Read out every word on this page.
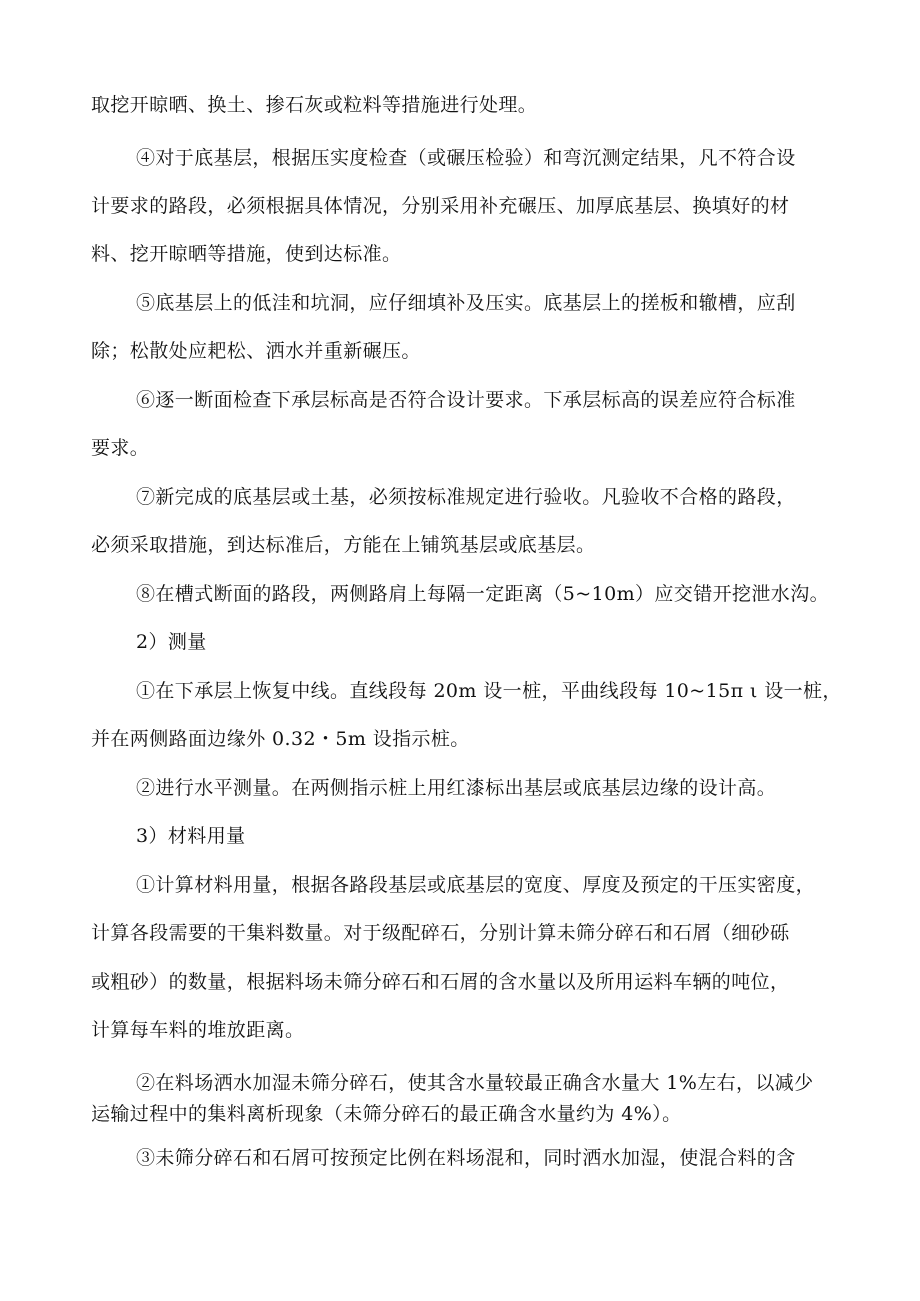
取挖开晾晒、换土、掺石灰或粒料等措施进行处理。
④对于底基层，根据压实度检查（或碾压检验）和弯沉测定结果，凡不符合设
计要求的路段，必须根据具体情况，分别采用补充碾压、加厚底基层、换填好的材
料、挖开晾晒等措施，使到达标准。
⑤底基层上的低洼和坑洞，应仔细填补及压实。底基层上的搓板和辙槽，应刮
除；松散处应耙松、洒水并重新碾压。
⑥逐一断面检查下承层标高是否符合设计要求。下承层标高的误差应符合标准
要求。
⑦新完成的底基层或土基，必须按标准规定进行验收。凡验收不合格的路段，
必须采取措施，到达标准后，方能在上铺筑基层或底基层。
⑧在槽式断面的路段，两侧路肩上每隔一定距离（5~10m）应交错开挖泄水沟。
2）测量
①在下承层上恢复中线。直线段每 20m 设一桩，平曲线段每 10~15π ι 设一桩，
并在两侧路面边缘外 0.32・5m 设指示桩。
②进行水平测量。在两侧指示桩上用红漆标出基层或底基层边缘的设计高。
3）材料用量
①计算材料用量，根据各路段基层或底基层的宽度、厚度及预定的干压实密度，
计算各段需要的干集料数量。对于级配碎石，分别计算未筛分碎石和石屑（细砂砾
或粗砂）的数量，根据料场未筛分碎石和石屑的含水量以及所用运料车辆的吨位，
计算每车料的堆放距离。
②在料场洒水加湿未筛分碎石，使其含水量较最正确含水量大 1%左右，以减少
运输过程中的集料离析现象（未筛分碎石的最正确含水量约为 4%）。
③未筛分碎石和石屑可按预定比例在料场混和，同时洒水加湿，使混合料的含
